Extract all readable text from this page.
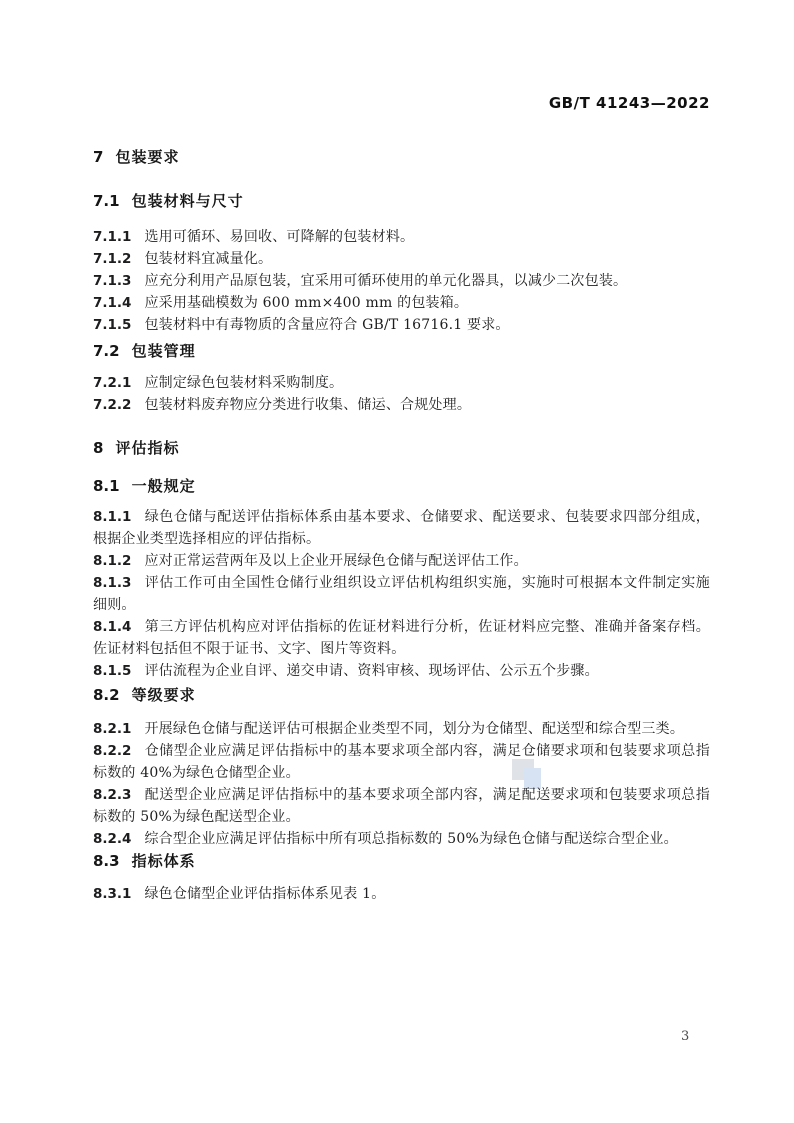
GB/T 41243—2022

7 包装要求

7.1 包装材料与尺寸

7.1.1 选用可循环、易回收、可降解的包装材料。

7.1.2 包装材料宜减量化。

7.1.3 应充分利用产品原包装，宜采用可循环使用的单元化器具，以减少二次包装。

7.1.4 应采用基础模数为 600 mm×400 mm 的包装箱。

7.1.5 包装材料中有毒物质的含量应符合 GB/T 16716.1 要求。

7.2 包装管理

7.2.1 应制定绿色包装材料采购制度。

7.2.2 包装材料废弃物应分类进行收集、储运、合规处理。

8 评估指标

8.1 一般规定

8.1.1 绿色仓储与配送评估指标体系由基本要求、仓储要求、配送要求、包装要求四部分组成，根据企业类型选择相应的评估指标。

8.1.2 应对正常运营两年及以上企业开展绿色仓储与配送评估工作。

8.1.3 评估工作可由全国性仓储行业组织设立评估机构组织实施，实施时可根据本文件制定实施细则。

8.1.4 第三方评估机构应对评估指标的佐证材料进行分析，佐证材料应完整、准确并备案存档。佐证材料包括但不限于证书、文字、图片等资料。

8.1.5 评估流程为企业自评、递交申请、资料审核、现场评估、公示五个步骤。

8.2 等级要求

8.2.1 开展绿色仓储与配送评估可根据企业类型不同，划分为仓储型、配送型和综合型三类。

8.2.2 仓储型企业应满足评估指标中的基本要求项全部内容，满足仓储要求项和包装要求项总指标数的 40%为绿色仓储型企业。

8.2.3 配送型企业应满足评估指标中的基本要求项全部内容，满足配送要求项和包装要求项总指标数的 50%为绿色配送型企业。

8.2.4 综合型企业应满足评估指标中所有项总指标数的 50%为绿色仓储与配送综合型企业。

8.3 指标体系

8.3.1 绿色仓储型企业评估指标体系见表 1。

3
